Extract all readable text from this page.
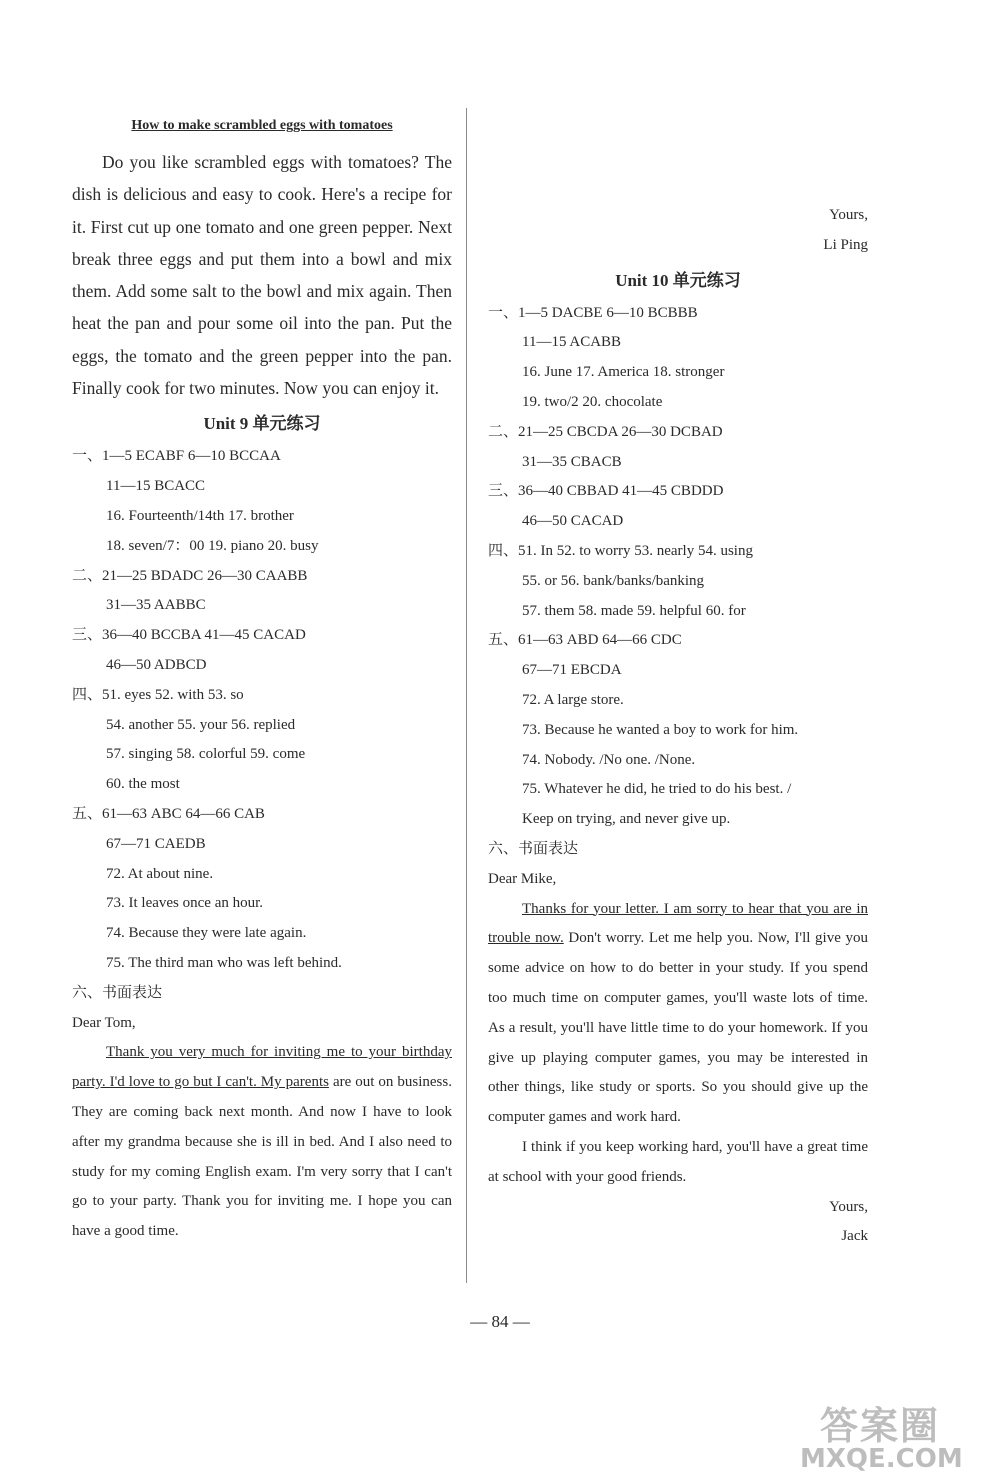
How to make scrambled eggs with tomatoes

Do you like scrambled eggs with tomatoes? The dish is delicious and easy to cook. Here's a recipe for it. First cut up one tomato and one green pepper. Next break three eggs and put them into a bowl and mix them. Add some salt to the bowl and mix again. Then heat the pan and pour some oil into the pan. Put the eggs, the tomato and the green pepper into the pan. Finally cook for two minutes. Now you can enjoy it.

Unit 9 单元练习
一、1—5 ECABF 6—10 BCCAA
11—15 BCACC
16. Fourteenth/14th 17. brother
18. seven/7：00 19. piano 20. busy
二、21—25 BDADC 26—30 CAABB
31—35 AABBC
三、36—40 BCCBA 41—45 CACAD
46—50 ADBCD
四、51. eyes 52. with 53. so
54. another 55. your 56. replied
57. singing 58. colorful 59. come
60. the most
五、61—63 ABC 64—66 CAB
67—71 CAEDB
72. At about nine.
73. It leaves once an hour.
74. Because they were late again.
75. The third man who was left behind.
六、书面表达
Dear Tom,

Thank you very much for inviting me to your birthday party. I'd love to go but I can't. My parents are out on business. They are coming back next month. And now I have to look after my grandma because she is ill in bed. And I also need to study for my coming English exam. I'm very sorry that I can't go to your party. Thank you for inviting me. I hope you can have a good time.

Yours,
Li Ping
Unit 10 单元练习
一、1—5 DACBE 6—10 BCBBB
11—15 ACABB
16. June 17. America 18. stronger
19. two/2 20. chocolate
二、21—25 CBCDA 26—30 DCBAD
31—35 CBACB
三、36—40 CBBAD 41—45 CBDDD
46—50 CACAD
四、51. In 52. to worry 53. nearly 54. using
55. or 56. bank/banks/banking
57. them 58. made 59. helpful 60. for
五、61—63 ABD 64—66 CDC
67—71 EBCDA
72. A large store.
73. Because he wanted a boy to work for him.
74. Nobody. /No one. /None.
75. Whatever he did, he tried to do his best. /
Keep on trying, and never give up.
六、书面表达
Dear Mike,

Thanks for your letter. I am sorry to hear that you are in trouble now. Don't worry. Let me help you. Now, I'll give you some advice on how to do better in your study. If you spend too much time on computer games, you'll waste lots of time. As a result, you'll have little time to do your homework. If you give up playing computer games, you may be interested in other things, like study or sports. So you should give up the computer games and work hard.

I think if you keep working hard, you'll have a great time at school with your good friends.

Yours,
Jack
— 84 —
答案圈
MXQE.COM
